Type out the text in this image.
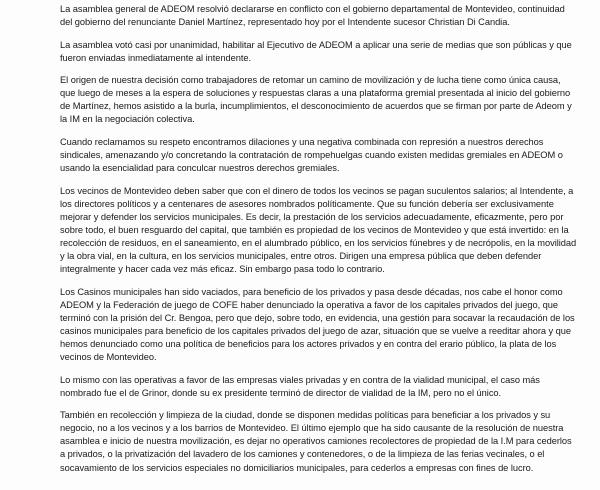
La asamblea general de ADEOM resolvió declararse en conflicto con el gobierno departamental de Montevideo, continuidad del gobierno del renunciante Daniel Martínez, representado hoy por el Intendente sucesor Christian Di Candia.

La asamblea votó casi por unanimidad, habilitar al Ejecutivo de ADEOM a aplicar una serie de medias que son públicas y que fueron enviadas inmediatamente al intendente.

El origen de nuestra decisión como trabajadores de retomar un camino de movilización y de lucha tiene como única causa, que luego de meses a la espera de soluciones y respuestas claras a una plataforma gremial presentada al inicio del gobierno de Martínez, hemos asistido a la burla, incumplimientos, el desconocimiento de acuerdos que se firman por parte de Adeom y la IM en la negociación colectiva.

Cuando reclamamos su respeto encontramos dilaciones y una negativa combinada con represión a nuestros derechos sindicales, amenazando y/o concretando la contratación de rompehuelgas cuando existen medidas gremiales en ADEOM o usando la esencialidad para conculcar nuestros derechos gremiales.

Los vecinos de Montevideo deben saber que con el dinero de todos los vecinos se pagan suculentos salarios; al Intendente, a los directores políticos y a centenares de asesores nombrados políticamente. Que su función debería ser exclusivamente mejorar y defender los servicios municipales. Es decir, la prestación de los servicios adecuadamente, eficazmente, pero por sobre todo, el buen resguardo del capital, que también es propiedad de los vecinos de Montevideo y que está invertido: en la recolección de residuos, en el saneamiento, en el alumbrado público, en los servicios fúnebres y de necrópolis, en la movilidad y la obra vial, en la cultura, en los servicios municipales, entre otros. Dirigen una empresa pública que deben defender integralmente y hacer cada vez más eficaz. Sin embargo pasa todo lo contrario.

Los Casinos municipales han sido vaciados, para beneficio de los privados y pasa desde décadas, nos cabe el honor como ADEOM y la Federación de juego de COFE haber denunciado la operativa a favor de los capitales privados del juego, que terminó con la prisión del Cr. Bengoa, pero que dejo, sobre todo, en evidencia, una gestión para socavar la recaudación de los casinos municipales para beneficio de los capitales privados del juego de azar, situación que se vuelve a reeditar ahora y que hemos denunciado como una política de beneficios para los actores privados y en contra del erario público, la plata de los vecinos de Montevideo.

Lo mismo con las operativas a favor de las empresas viales privadas y en contra de la vialidad municipal, el caso más nombrado fue el de Grinor, donde su ex presidente terminó de director de vialidad de la IM, pero no el único.

También en recolección y limpieza de la ciudad, donde se disponen medidas políticas para beneficiar a los privados y su negocio, no a los vecinos y a los barrios de Montevideo. El último ejemplo que ha sido causante de la resolución de nuestra asamblea e inicio de nuestra movilización, es dejar no operativos camiones recolectores de propiedad de la I.M para cederlos a privados, o la privatización del lavadero de los camiones y contenedores, o de la limpieza de las ferias vecinales, o el socavamiento de los servicios especiales no domiciliarios municipales, para cederlos a empresas con fines de lucro.
